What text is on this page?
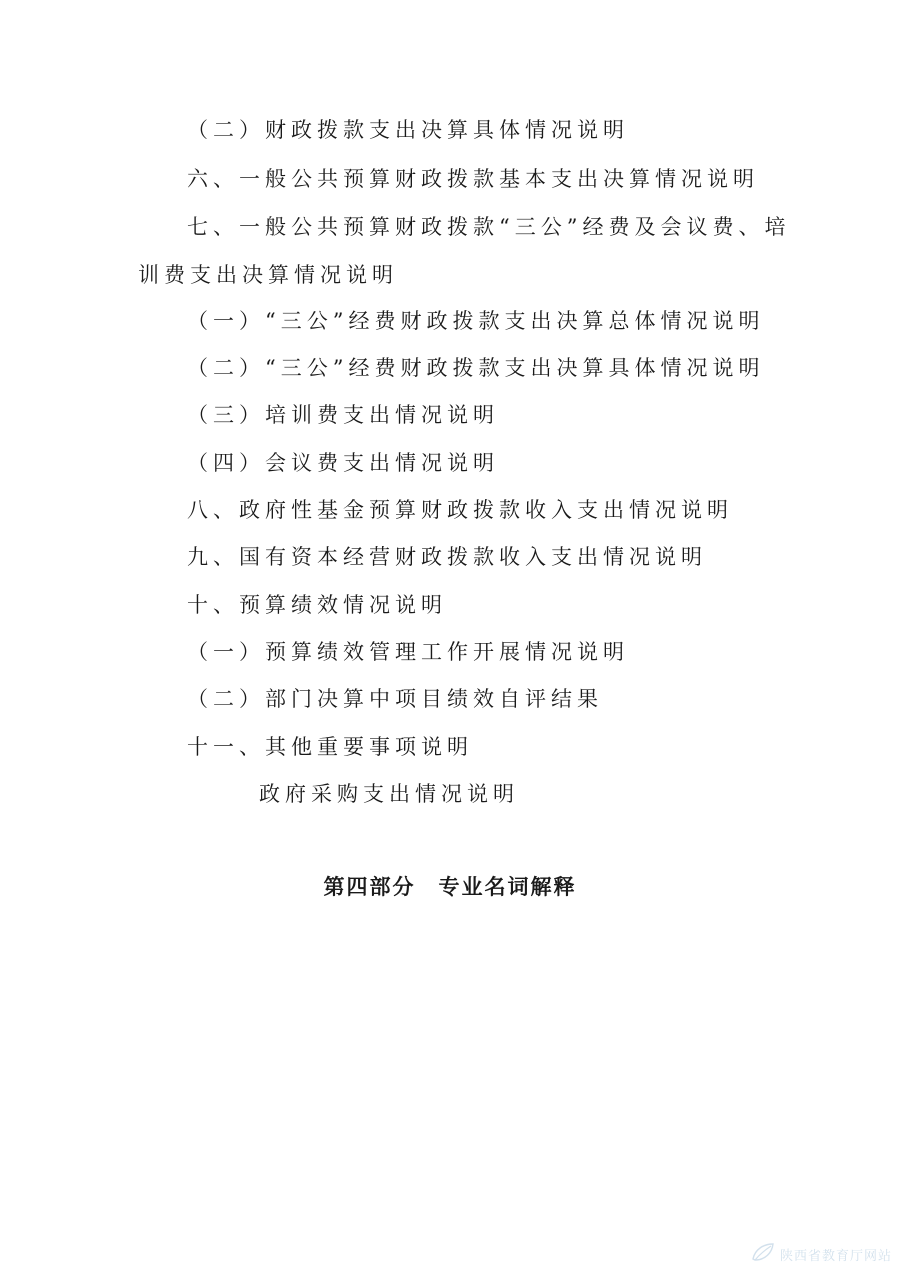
（二）财政拨款支出决算具体情况说明
六、一般公共预算财政拨款基本支出决算情况说明
七、一般公共预算财政拨款“三公”经费及会议费、培
训费支出决算情况说明
（一）“三公”经费财政拨款支出决算总体情况说明
（二）“三公”经费财政拨款支出决算具体情况说明
（三）培训费支出情况说明
（四）会议费支出情况说明
八、政府性基金预算财政拨款收入支出情况说明
九、国有资本经营财政拨款收入支出情况说明
十、预算绩效情况说明
（一）预算绩效管理工作开展情况说明
（二）部门决算中项目绩效自评结果
十一、其他重要事项说明
政府采购支出情况说明
第四部分　专业名词解释
陕西省教育厅网站
